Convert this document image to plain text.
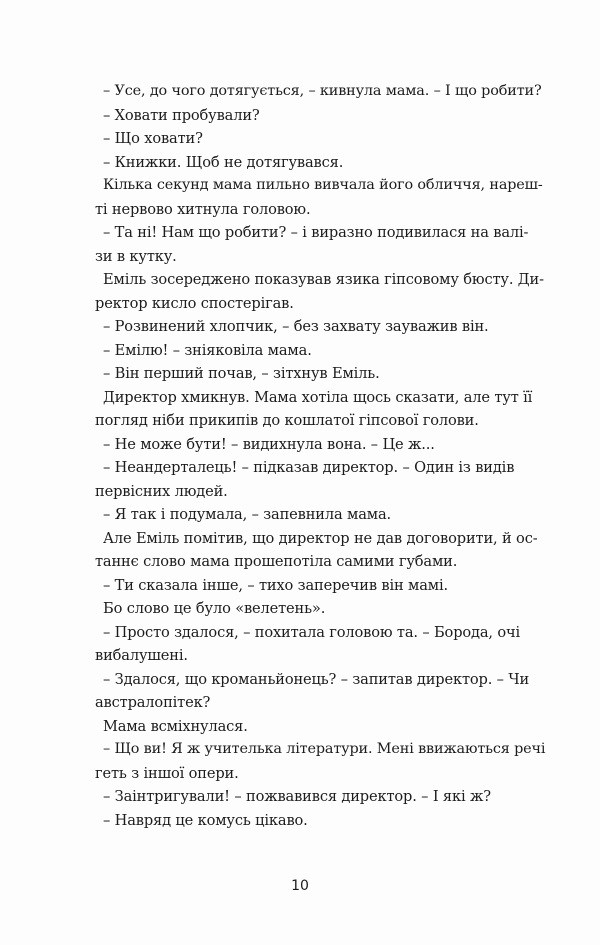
– Усе, до чого дотягується, – кивнула мама. – І що робити?
– Ховати пробували?
– Що ховати?
– Книжки. Щоб не дотягувався.
Кілька секунд мама пильно вивчала його обличчя, нареш-
ті нервово хитнула головою.
– Та ні! Нам що робити? – і виразно подивилася на валі-
зи в кутку.
Еміль зосереджено показував язика гіпсовому бюсту. Ди-
ректор кисло спостерігав.
– Розвинений хлопчик, – без захвату зауважив він.
– Емілю! – зніяковіла мама.
– Він перший почав, – зітхнув Еміль.
Директор хмикнув. Мама хотіла щось сказати, але тут її
погляд ніби прикипів до кошлатої гіпсової голови.
– Не може бути! – видихнула вона. – Це ж...
– Неандерталець! – підказав директор. – Один із видів
первісних людей.
– Я так і подумала, – запевнила мама.
Але Еміль помітив, що директор не дав договорити, й ос-
таннє слово мама прошепотіла самими губами.
– Ти сказала інше, – тихо заперечив він мамі.
Бо слово це було «велетень».
– Просто здалося, – похитала головою та. – Борода, очі
вибалушені.
– Здалося, що кроманьйонець? – запитав директор. – Чи
австралопітек?
Мама всміхнулася.
– Що ви! Я ж учителька літератури. Мені ввижаються речі
геть з іншої опери.
– Заінтригували! – пожвавився директор. – І які ж?
– Навряд це комусь цікаво.
10
